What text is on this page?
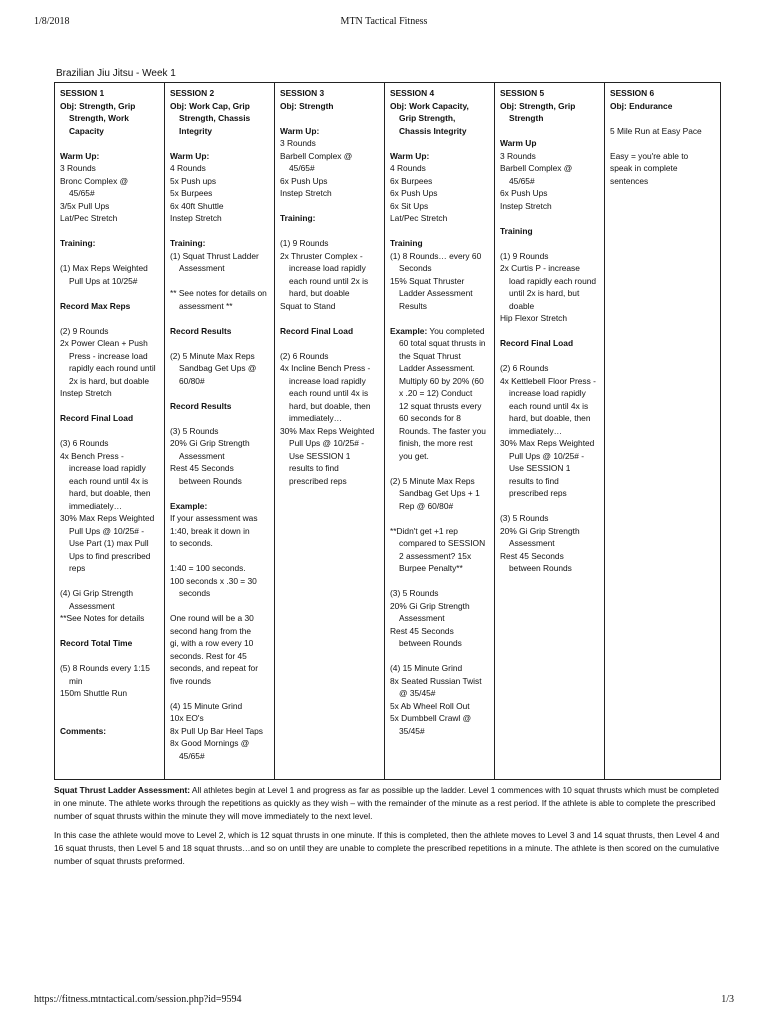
1/8/2018	MTN Tactical Fitness
Brazilian Jiu Jitsu - Week 1
SESSION 1
Obj: Strength, Grip
Strength, Work
Capacity
Warm Up:
3 Rounds
Bronc Complex @
45/65#
3/5x Pull Ups
Lat/Pec Stretch
Training:
(1) Max Reps Weighted
Pull Ups at 10/25#
Record Max Reps
(2) 9 Rounds
2x Power Clean + Push
Press - increase load
rapidly each round until
2x is hard, but doable
Instep Stretch
Record Final Load
(3) 6 Rounds
4x Bench Press -
increase load rapidly
each round until 4x is
hard, but doable, then
immediately…
30% Max Reps Weighted
Pull Ups @ 10/25# -
Use Part (1) max Pull
Ups to find prescribed
reps
(4) Gi Grip Strength
Assessment
**See Notes for details
Record Total Time
(5) 8 Rounds every 1:15
min
150m Shuttle Run
Comments:

SESSION 2
Obj: Work Cap, Grip
Strength, Chassis
Integrity
Warm Up:
4 Rounds
5x Push ups
5x Burpees
6x 40ft Shuttle
Instep Stretch
Training:
(1) Squat Thrust Ladder
Assessment
** See notes for details on
assessment **
Record Results
(2) 5 Minute Max Reps
Sandbag Get Ups @
60/80#
Record Results
(3) 5 Rounds
20% Gi Grip Strength
Assessment
Rest 45 Seconds
between Rounds
Example:
If your assessment was
1:40, break it down in
to seconds.
1:40 = 100 seconds.
100 seconds x .30 = 30
seconds
One round will be a 30
second hang from the
gi, with a row every 10
seconds. Rest for 45
seconds, and repeat for
five rounds
(4) 15 Minute Grind
10x EO's
8x Pull Up Bar Heel Taps
8x Good Mornings @
45/65#

SESSION 3
Obj: Strength
Warm Up:
3 Rounds
Barbell Complex @
45/65#
6x Push Ups
Instep Stretch
Training:
(1) 9 Rounds
2x Thruster Complex -
increase load rapidly
each round until 2x is
hard, but doable
Squat to Stand
Record Final Load
(2) 6 Rounds
4x Incline Bench Press -
increase load rapidly
each round until 4x is
hard, but doable, then
immediately…
30% Max Reps Weighted
Pull Ups @ 10/25# -
Use SESSION 1
results to find
prescribed reps

SESSION 4
Obj: Work Capacity,
Grip Strength,
Chassis Integrity
Warm Up:
4 Rounds
6x Burpees
6x Push Ups
6x Sit Ups
Lat/Pec Stretch
Training
(1) 8 Rounds… every 60
Seconds
15% Squat Thruster
Ladder Assessment
Results
Example: You completed
60 total squat thrusts in
the Squat Thrust
Ladder Assessment.
Multiply 60 by 20% (60
x .20 = 12) Conduct
12 squat thrusts every
60 seconds for 8
Rounds. The faster you
finish, the more rest
you get.
(2) 5 Minute Max Reps
Sandbag Get Ups + 1
Rep @ 60/80#
**Didn't get +1 rep
compared to SESSION
2 assessment? 15x
Burpee Penalty**
(3) 5 Rounds
20% Gi Grip Strength
Assessment
Rest 45 Seconds
between Rounds
(4) 15 Minute Grind
8x Seated Russian Twist
@ 35/45#
5x Ab Wheel Roll Out
5x Dumbbell Crawl @
35/45#

SESSION 5
Obj: Strength, Grip
Strength
Warm Up
3 Rounds
Barbell Complex @
45/65#
6x Push Ups
Instep Stretch
Training
(1) 9 Rounds
2x Curtis P - increase
load rapidly each round
until 2x is hard, but
doable
Hip Flexor Stretch
Record Final Load
(2) 6 Rounds
4x Kettlebell Floor Press -
increase load rapidly
each round until 4x is
hard, but doable, then
immediately…
30% Max Reps Weighted
Pull Ups @ 10/25# -
Use SESSION 1
results to find
prescribed reps
(3) 5 Rounds
20% Gi Grip Strength
Assessment
Rest 45 Seconds
between Rounds

SESSION 6
Obj: Endurance
5 Mile Run at Easy Pace
Easy = you're able to
speak in complete
sentences

Squat Thrust Ladder Assessment: All athletes begin at Level 1 and progress as far as possible up the ladder. Level 1 commences with 10 squat thrusts which must be completed in one minute. The athlete works through the repetitions as quickly as they wish – with the remainder of the minute as a rest period. If the athlete is able to complete the prescribed number of squat thrusts within the minute they will move immediately to the next level.

In this case the athlete would move to Level 2, which is 12 squat thrusts in one minute. If this is completed, then the athlete moves to Level 3 and 14 squat thrusts, then Level 4 and 16 squat thrusts, then Level 5 and 18 squat thrusts…and so on until they are unable to complete the prescribed repetitions in a minute. The athlete is then scored on the cumulative number of squat thrusts preformed.

https://fitness.mtntactical.com/session.php?id=9594	1/3
